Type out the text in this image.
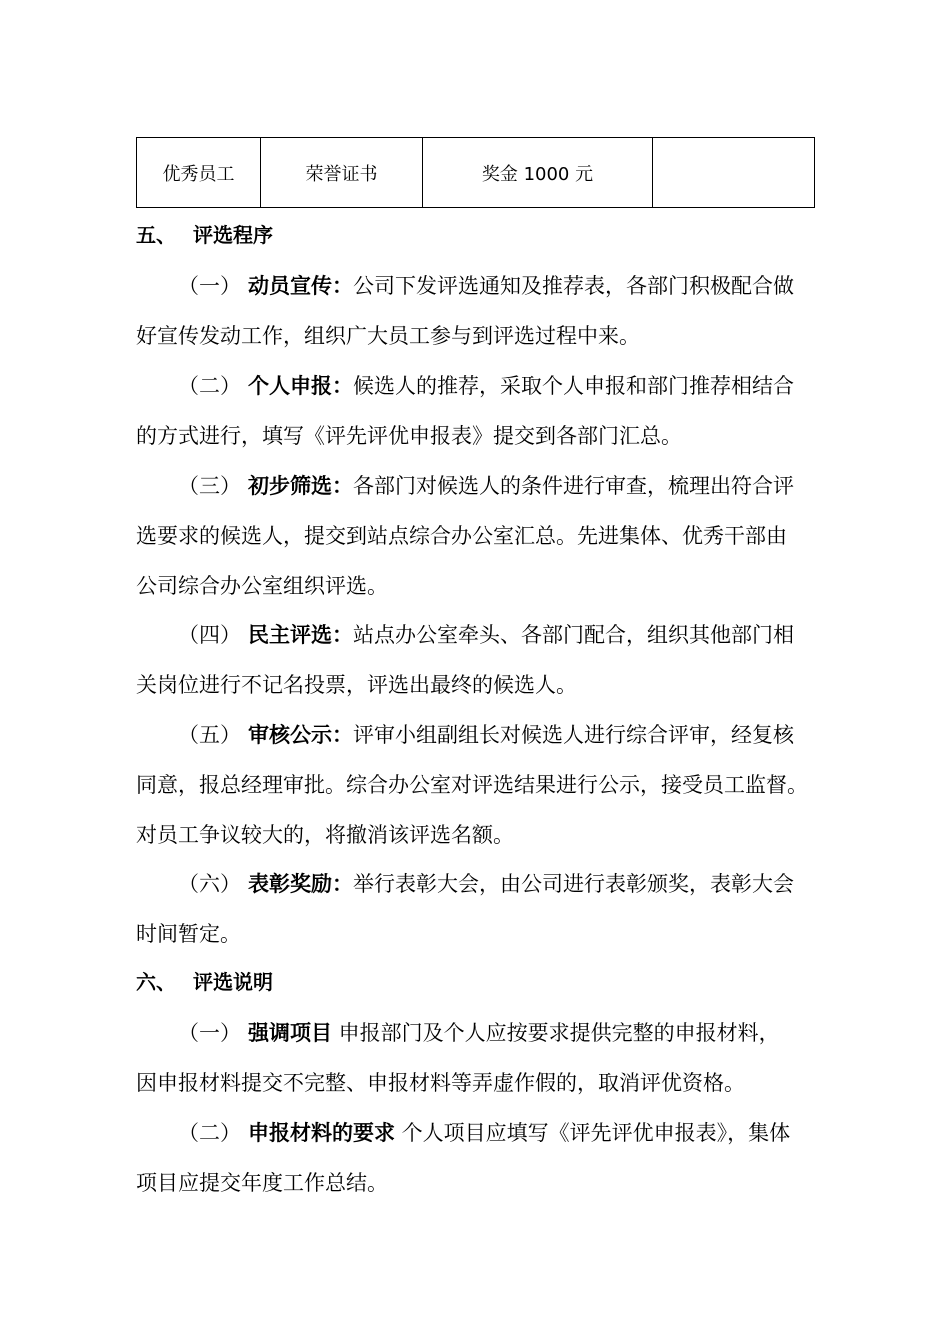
优秀员工	荣誉证书	奖金 1000 元	
五、 评选程序
（一） 动员宣传：公司下发评选通知及推荐表，各部门积极配合做
好宣传发动工作，组织广大员工参与到评选过程中来。
（二） 个人申报：候选人的推荐，采取个人申报和部门推荐相结合
的方式进行，填写《评先评优申报表》提交到各部门汇总。
（三） 初步筛选：各部门对候选人的条件进行审查，梳理出符合评
选要求的候选人，提交到站点综合办公室汇总。先进集体、优秀干部由
公司综合办公室组织评选。
（四） 民主评选：站点办公室牵头、各部门配合，组织其他部门相
关岗位进行不记名投票，评选出最终的候选人。
（五） 审核公示：评审小组副组长对候选人进行综合评审，经复核
同意，报总经理审批。综合办公室对评选结果进行公示，接受员工监督。
对员工争议较大的，将撤消该评选名额。
（六） 表彰奖励：举行表彰大会，由公司进行表彰颁奖，表彰大会
时间暂定。
六、 评选说明
（一） 强调项目 申报部门及个人应按要求提供完整的申报材料，
因申报材料提交不完整、申报材料等弄虚作假的，取消评优资格。
（二） 申报材料的要求 个人项目应填写《评先评优申报表》，集体
项目应提交年度工作总结。
